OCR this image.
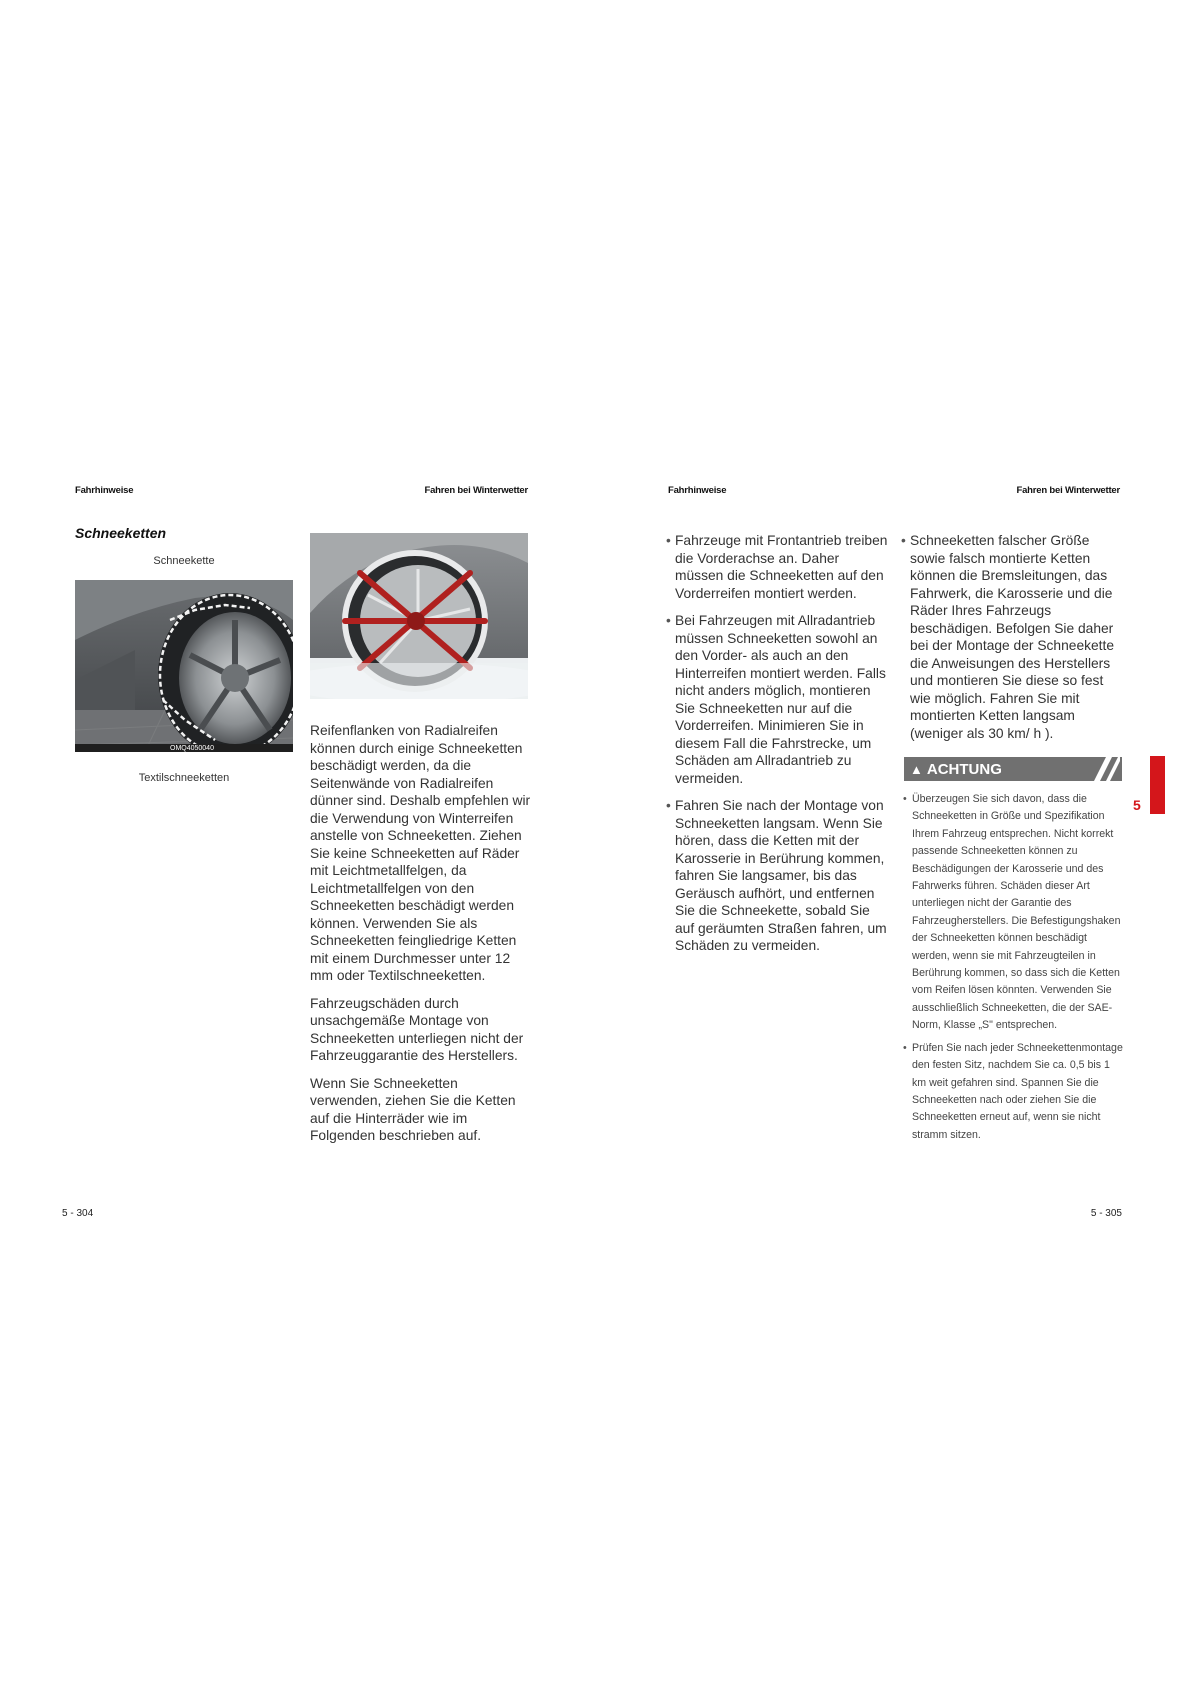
Fahrhinweise	Fahren bei Winterwetter
Schneeketten
Schneekette
OMQ4050040
Textilschneeketten

Reifenflanken von Radialreifen können durch einige Schneeketten beschädigt werden, da die Seitenwände von Radialreifen dünner sind. Deshalb empfehlen wir die Verwendung von Winterreifen anstelle von Schneeketten. Ziehen Sie keine Schneeketten auf Räder mit Leichtmetallfelgen, da Leichtmetallfelgen von den Schneeketten beschädigt werden können. Verwenden Sie als Schneeketten feingliedrige Ketten mit einem Durchmesser unter 12 mm oder Textilschneeketten.

Fahrzeugschäden durch unsachgemäße Montage von Schneeketten unterliegen nicht der Fahrzeuggarantie des Herstellers.

Wenn Sie Schneeketten verwenden, ziehen Sie die Ketten auf die Hinterräder wie im Folgenden beschrieben auf.

5 - 304
Fahrhinweise	Fahren bei Winterwetter
• Fahrzeuge mit Frontantrieb treiben die Vorderachse an. Daher müssen die Schneeketten auf den Vorderreifen montiert werden.
• Bei Fahrzeugen mit Allradantrieb müssen Schneeketten sowohl an den Vorder- als auch an den Hinterreifen montiert werden. Falls nicht anders möglich, montieren Sie Schneeketten nur auf die Vorderreifen. Minimieren Sie in diesem Fall die Fahrstrecke, um Schäden am Allradantrieb zu vermeiden.
• Fahren Sie nach der Montage von Schneeketten langsam. Wenn Sie hören, dass die Ketten mit der Karosserie in Berührung kommen, fahren Sie langsamer, bis das Geräusch aufhört, und entfernen Sie die Schneekette, sobald Sie auf geräumten Straßen fahren, um Schäden zu vermeiden.
• Schneeketten falscher Größe sowie falsch montierte Ketten können die Bremsleitungen, das Fahrwerk, die Karosserie und die Räder Ihres Fahrzeugs beschädigen. Befolgen Sie daher bei der Montage der Schneekette die Anweisungen des Herstellers und montieren Sie diese so fest wie möglich. Fahren Sie mit montierten Ketten langsam (weniger als 30 km/ h ).
▲ ACHTUNG
• Überzeugen Sie sich davon, dass die Schneeketten in Größe und Spezifikation Ihrem Fahrzeug entsprechen. Nicht korrekt passende Schneeketten können zu Beschädigungen der Karosserie und des Fahrwerks führen. Schäden dieser Art unterliegen nicht der Garantie des Fahrzeugherstellers. Die Befestigungshaken der Schneeketten können beschädigt werden, wenn sie mit Fahrzeugteilen in Berührung kommen, so dass sich die Ketten vom Reifen lösen könnten. Verwenden Sie ausschließlich Schneeketten, die der SAE-Norm, Klasse „S" entsprechen.
• Prüfen Sie nach jeder Schneekettenmontage den festen Sitz, nachdem Sie ca. 0,5 bis 1 km weit gefahren sind. Spannen Sie die Schneeketten nach oder ziehen Sie die Schneeketten erneut auf, wenn sie nicht stramm sitzen.
5
5 - 305
